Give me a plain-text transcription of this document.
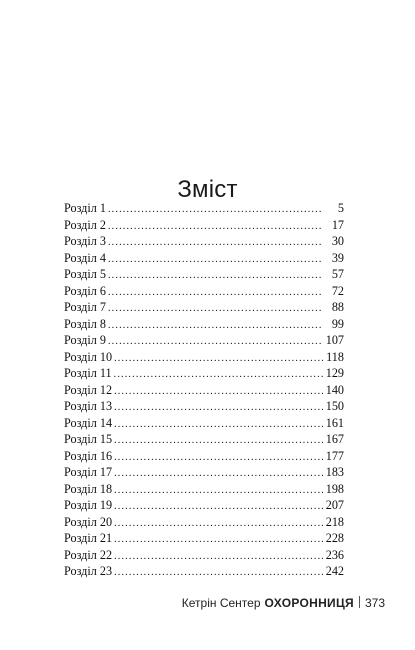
Зміст
Розділ 1 .....	5
Розділ 2 .....	17
Розділ 3 .....	30
Розділ 4 .....	39
Розділ 5 .....	57
Розділ 6 .....	72
Розділ 7 .....	88
Розділ 8 .....	99
Розділ 9 .....	107
Розділ 10 .....	118
Розділ 11 .....	129
Розділ 12 .....	140
Розділ 13 .....	150
Розділ 14 .....	161
Розділ 15 .....	167
Розділ 16 .....	177
Розділ 17 .....	183
Розділ 18 .....	198
Розділ 19 .....	207
Розділ 20 .....	218
Розділ 21 .....	228
Розділ 22 .....	236
Розділ 23 .....	242
Кетрін Сентер ОХОРОННИЦЯ 373
